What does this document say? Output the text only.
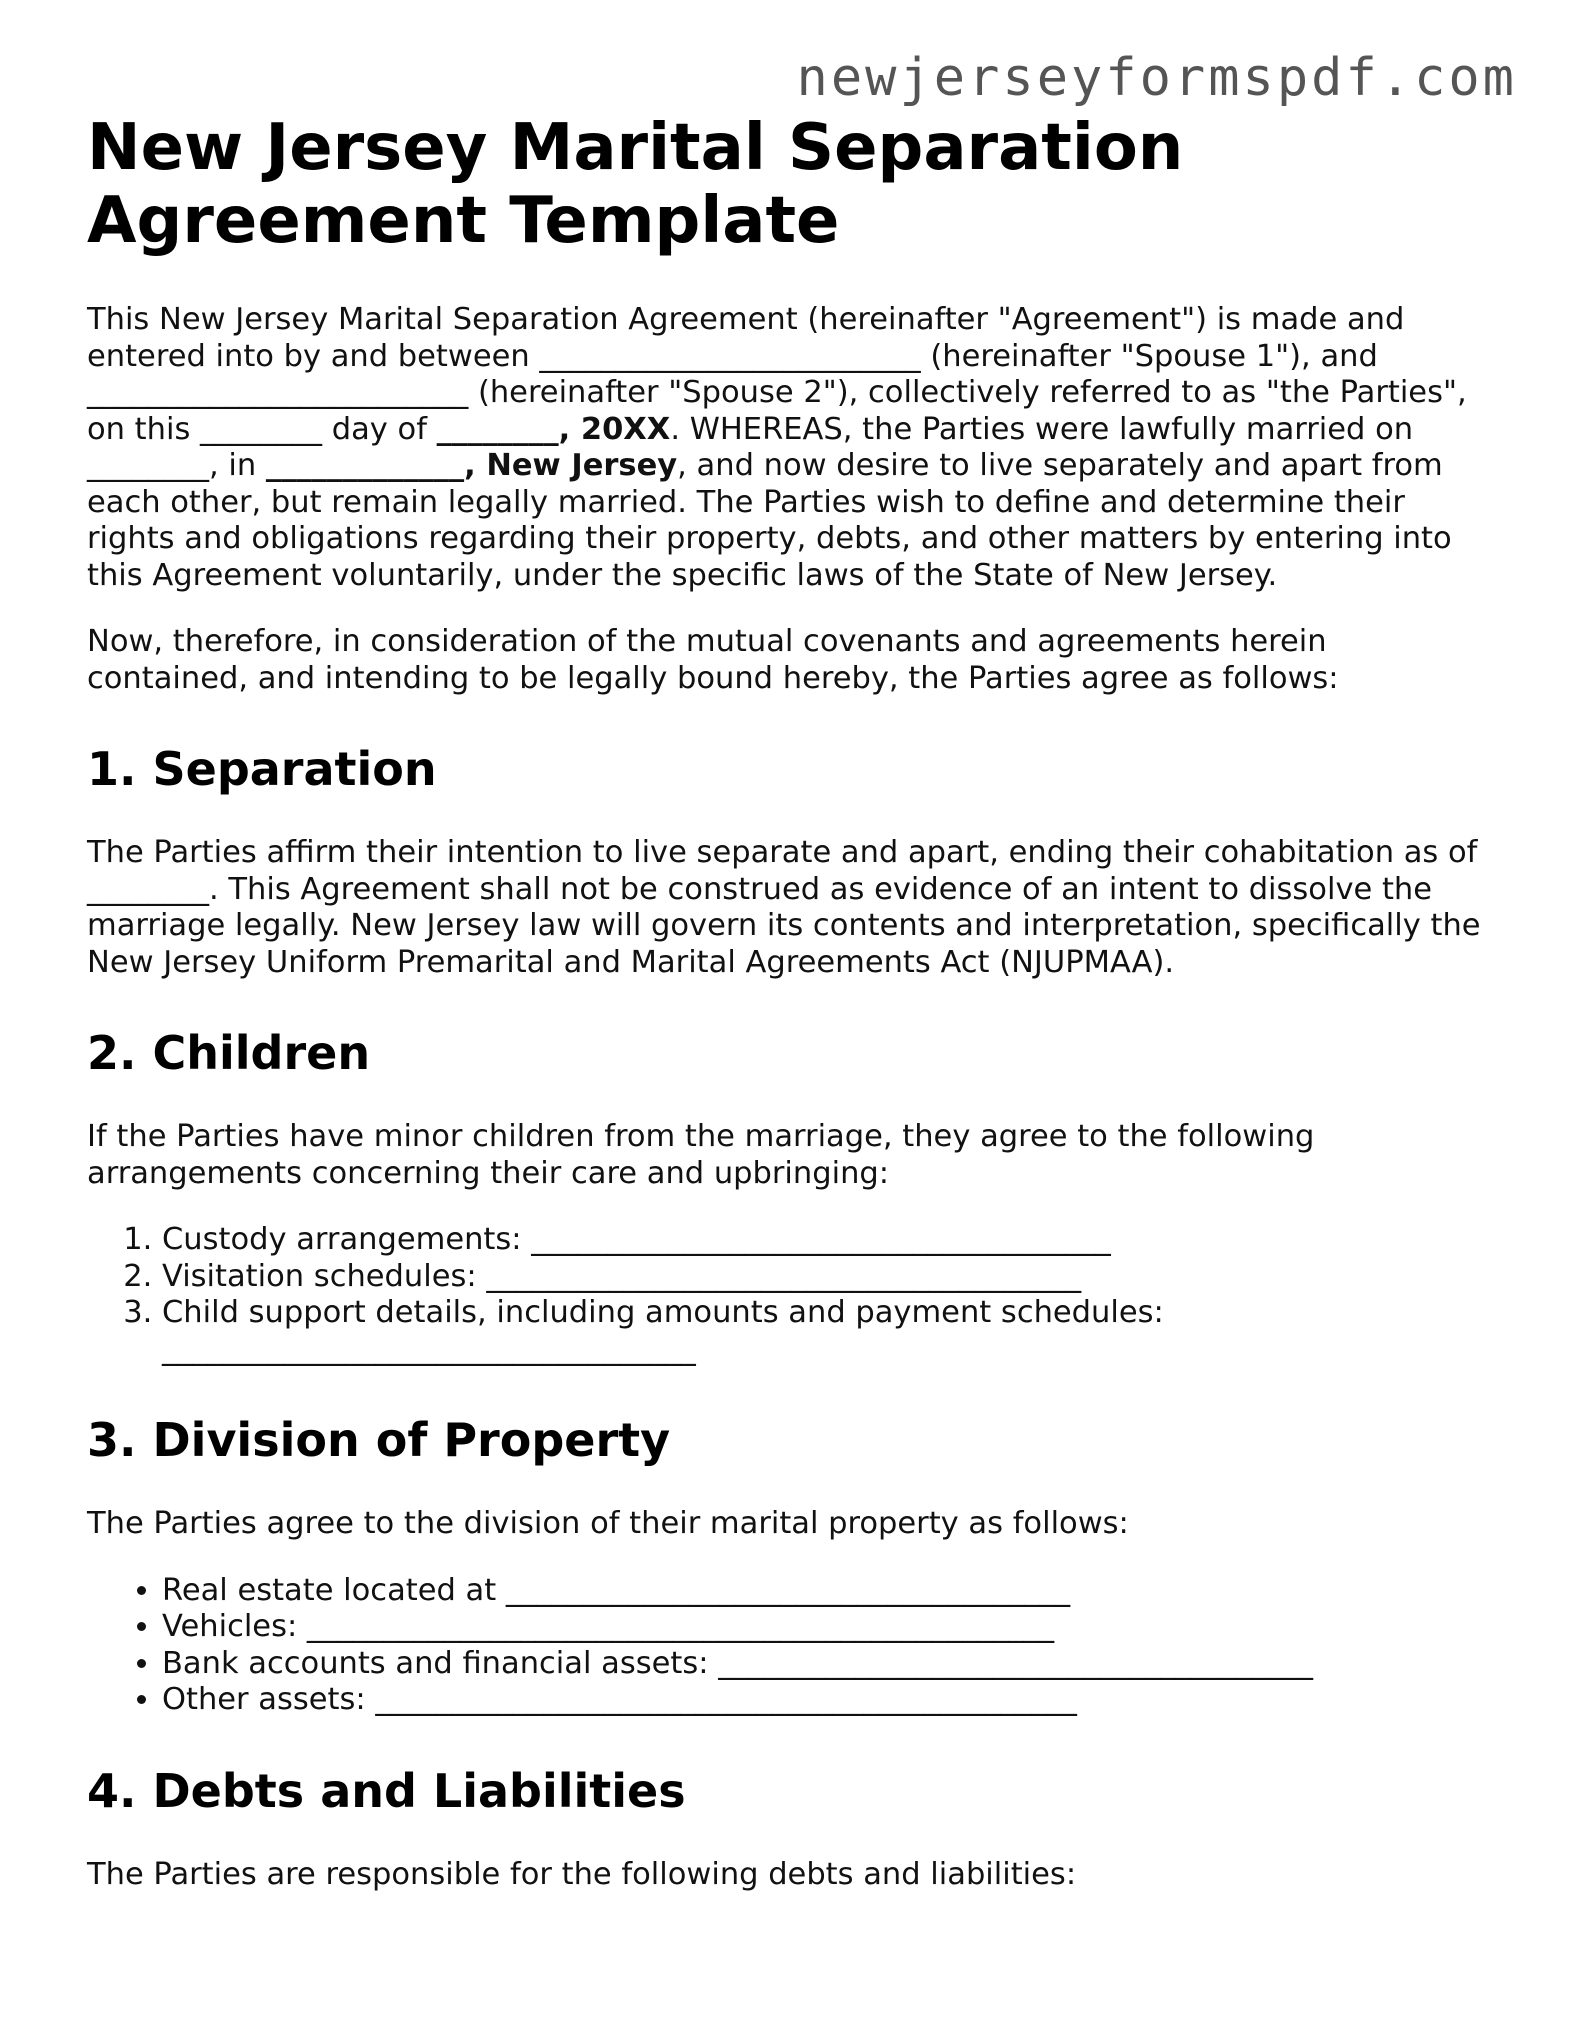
newjerseyformspdf.com
New Jersey Marital Separation Agreement Template

This New Jersey Marital Separation Agreement (hereinafter "Agreement") is made and entered into by and between _________________________ (hereinafter "Spouse 1"), and _________________________ (hereinafter "Spouse 2"), collectively referred to as "the Parties", on this ________ day of ________, 20XX. WHEREAS, the Parties were lawfully married on ________, in _____________, New Jersey, and now desire to live separately and apart from each other, but remain legally married. The Parties wish to define and determine their rights and obligations regarding their property, debts, and other matters by entering into this Agreement voluntarily, under the specific laws of the State of New Jersey.

Now, therefore, in consideration of the mutual covenants and agreements herein contained, and intending to be legally bound hereby, the Parties agree as follows:

1. Separation

The Parties affirm their intention to live separate and apart, ending their cohabitation as of ________. This Agreement shall not be construed as evidence of an intent to dissolve the marriage legally. New Jersey law will govern its contents and interpretation, specifically the New Jersey Uniform Premarital and Marital Agreements Act (NJUPMAA).

2. Children

If the Parties have minor children from the marriage, they agree to the following arrangements concerning their care and upbringing:

1. Custody arrangements: ______________________________________
2. Visitation schedules: _______________________________________
3. Child support details, including amounts and payment schedules: ___________________________________
3. Division of Property

The Parties agree to the division of their marital property as follows:

• Real estate located at _____________________________________
• Vehicles: _________________________________________________
• Bank accounts and financial assets: _______________________________________
• Other assets: ______________________________________________
4. Debts and Liabilities

The Parties are responsible for the following debts and liabilities:
